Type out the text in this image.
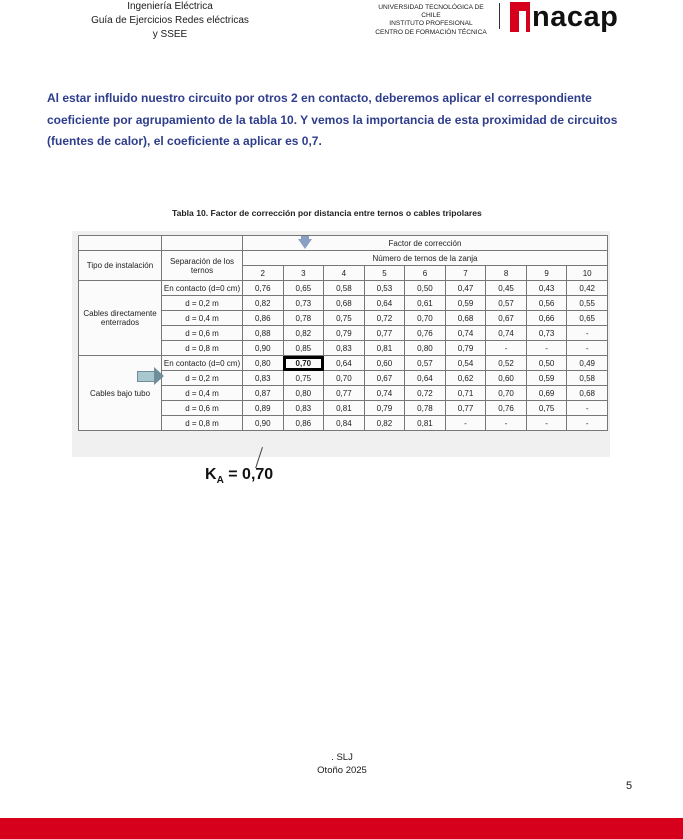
Ingeniería Eléctrica
Guía de Ejercicios Redes eléctricas y SSEE
UNIVERSIDAD TECNOLÓGICA DE CHILE
INSTITUTO PROFESIONAL
CENTRO DE FORMACIÓN TÉCNICA nacap
Al estar influido nuestro circuito por otros 2 en contacto, deberemos aplicar el correspondiente coeficiente por agrupamiento de la tabla 10. Y vemos la importancia de esta proximidad de circuitos (fuentes de calor), el coeficiente a aplicar es 0,7.
Tabla 10. Factor de corrección por distancia entre ternos o cables tripolares
		Factor de corrección								
Tipo de instalación	Separación de los ternos	Número de ternos de la zanja								
		2	3	4	5	6	7	8	9	10
Cables directamente enterrados	En contacto (d=0 cm)	0,76	0,65	0,58	0,53	0,50	0,47	0,45	0,43	0,42
	d = 0,2 m	0,82	0,73	0,68	0,64	0,61	0,59	0,57	0,56	0,55
	d = 0,4 m	0,86	0,78	0,75	0,72	0,70	0,68	0,67	0,66	0,65
	d = 0,6 m	0,88	0,82	0,79	0,77	0,76	0,74	0,74	0,73	-
	d = 0,8 m	0,90	0,85	0,83	0,81	0,80	0,79	-	-	-
Cables bajo tubo	En contacto (d=0 cm)	0,80	0,70	0,64	0,60	0,57	0,54	0,52	0,50	0,49
	d = 0,2 m	0,83	0,75	0,70	0,67	0,64	0,62	0,60	0,59	0,58
	d = 0,4 m	0,87	0,80	0,77	0,74	0,72	0,71	0,70	0,69	0,68
	d = 0,6 m	0,89	0,83	0,81	0,79	0,78	0,77	0,76	0,75	-
	d = 0,8 m	0,90	0,86	0,84	0,82	0,81	-	-	-	-
$K_A = 0,70$
. SLJ
Otoño 2025
5
